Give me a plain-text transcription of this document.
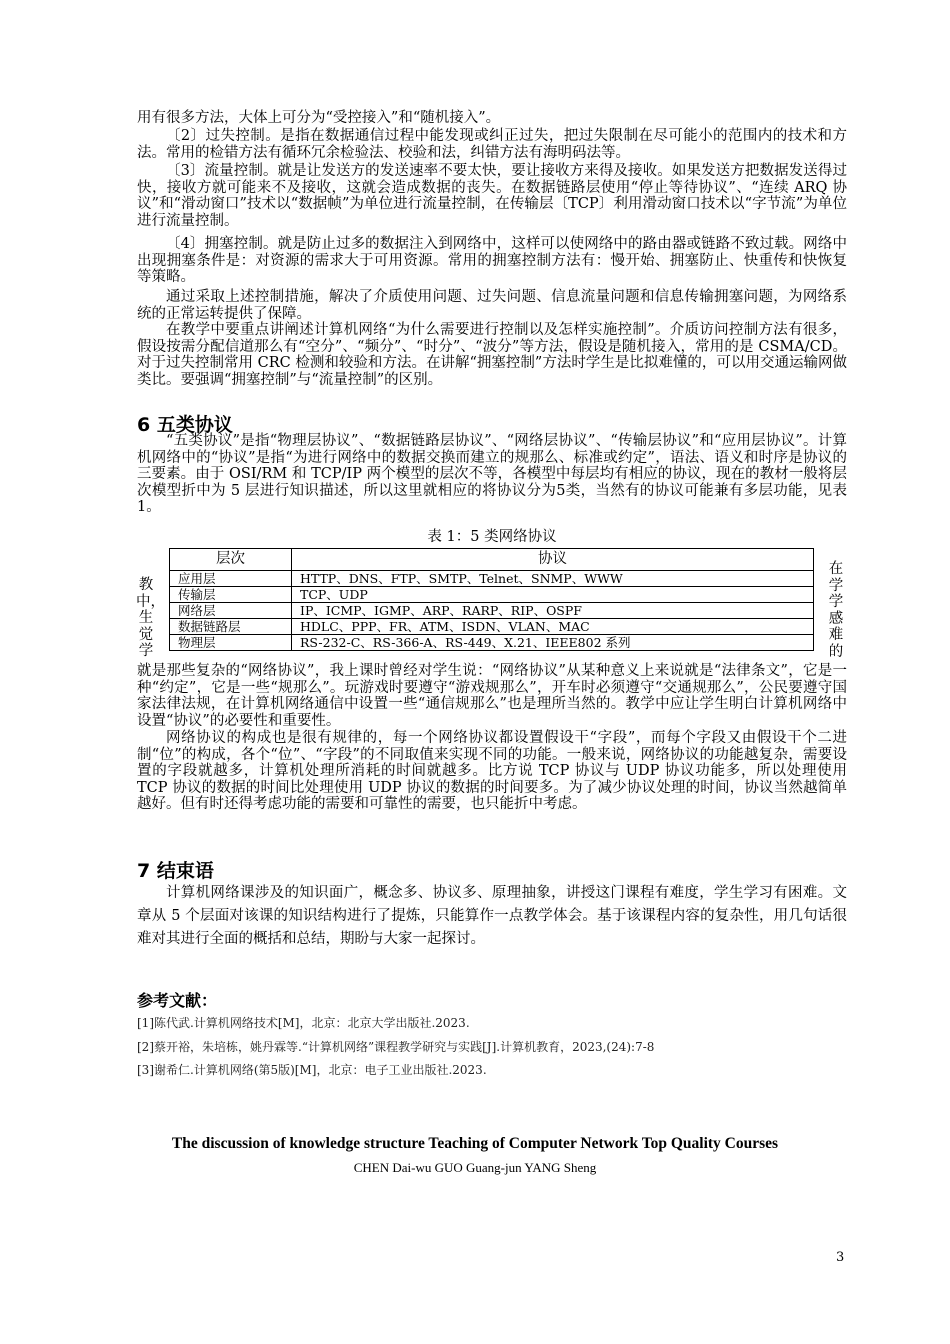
用有很多方法，大体上可分为“受控接入”和“随机接入”。

〔2〕过失控制。是指在数据通信过程中能发现或纠正过失，把过失限制在尽可能小的范围内的技术和方法。常用的检错方法有循环冗余检验法、校验和法，纠错方法有海明码法等。

〔3〕流量控制。就是让发送方的发送速率不要太快，要让接收方来得及接收。如果发送方把数据发送得过快，接收方就可能来不及接收，这就会造成数据的丧失。在数据链路层使用“停止等待协议”、“连续 ARQ 协议”和“滑动窗口”技术以“数据帧”为单位进行流量控制，在传输层〔TCP〕利用滑动窗口技术以“字节流”为单位进行流量控制。

〔4〕拥塞控制。就是防止过多的数据注入到网络中，这样可以使网络中的路由器或链路不致过载。网络中出现拥塞条件是：对资源的需求大于可用资源。常用的拥塞控制方法有：慢开始、拥塞防止、快重传和快恢复等策略。

通过采取上述控制措施，解决了介质使用问题、过失问题、信息流量问题和信息传输拥塞问题，为网络系统的正常运转提供了保障。

在教学中要重点讲阐述计算机网络“为什么需要进行控制以及怎样实施控制”。介质访问控制方法有很多，假设按需分配信道那么有“空分”、“频分”、“时分”、“波分”等方法，假设是随机接入，常用的是 CSMA/CD。对于过失控制常用 CRC 检测和较验和方法。在讲解“拥塞控制”方法时学生是比拟难懂的，可以用交通运输网做类比。要强调“拥塞控制”与“流量控制”的区别。

6 五类协议

“五类协议”是指“物理层协议”、“数据链路层协议”、“网络层协议”、“传输层协议”和“应用层协议”。计算机网络中的“协议”是指“为进行网络中的数据交换而建立的规那么、标准或约定”，语法、语义和时序是协议的三要素。由于 OSI/RM 和 TCP/IP 两个模型的层次不等，各模型中每层均有相应的协议，现在的教材一般将层次模型折中为 5 层进行知识描述，所以这里就相应的将协议分为5类，当然有的协议可能兼有多层功能，见表 1。

表 1：5 类网络协议
层次	协议
应用层	HTTP、DNS、FTP、SMTP、Telnet、SNMP、WWW
传输层	TCP、UDP
网络层	IP、ICMP、IGMP、ARP、RARP、RIP、OSPF
数据链路层	HDLC、PPP、FR、ATM、ISDN、VLAN、MAC
物理层	RS-232-C、RS-366-A、RS-449、X.21、IEEE802 系列
教
中，
生
觉
学
在
学
学
感
难
的

就是那些复杂的“网络协议”，我上课时曾经对学生说：“网络协议”从某种意义上来说就是“法律条文”，它是一种“约定”，它是一些“规那么”。玩游戏时要遵守“游戏规那么”，开车时必须遵守“交通规那么”，公民要遵守国家法律法规，在计算机网络通信中设置一些“通信规那么”也是理所当然的。教学中应让学生明白计算机网络中设置“协议”的必要性和重要性。

网络协议的构成也是很有规律的，每一个网络协议都设置假设干“字段”，而每个字段又由假设干个二进制“位”的构成，各个“位”、“字段”的不同取值来实现不同的功能。一般来说，网络协议的功能越复杂，需要设置的字段就越多，计算机处理所消耗的时间就越多。比方说 TCP 协议与 UDP 协议功能多，所以处理使用 TCP 协议的数据的时间比处理使用 UDP 协议的数据的时间要多。为了减少协议处理的时间，协议当然越简单越好。但有时还得考虑功能的需要和可靠性的需要，也只能折中考虑。

7 结束语

计算机网络课涉及的知识面广，概念多、协议多、原理抽象，讲授这门课程有难度，学生学习有困难。文章从 5 个层面对该课的知识结构进行了提炼，只能算作一点教学体会。基于该课程内容的复杂性，用几句话很难对其进行全面的概括和总结，期盼与大家一起探讨。

参考文献：
[1]陈代武.计算机网络技术[M]，北京：北京大学出版社.2023.
[2]蔡开裕，朱培栋，姚丹霖等.“计算机网络”课程教学研究与实践[J].计算机教育，2023,(24):7-8
[3]谢希仁.计算机网络(第5版)[M]，北京：电子工业出版社.2023.
The discussion of knowledge structure Teaching of Computer Network Top Quality Courses
CHEN Dai-wu GUO Guang-jun YANG Sheng
3
